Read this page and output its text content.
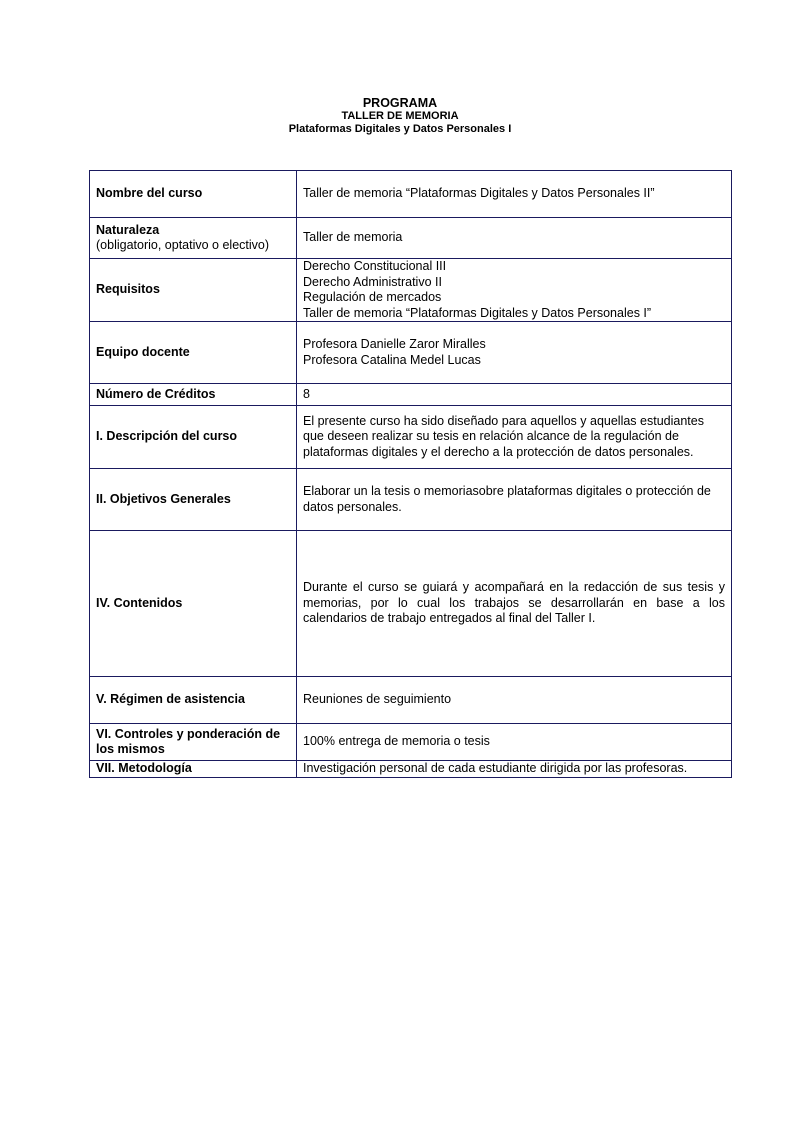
PROGRAMA
TALLER DE MEMORIA
Plataformas Digitales y Datos Personales I
Nombre del curso	Taller de memoria “Plataformas Digitales y Datos Personales II”
Naturaleza
(obligatorio, optativo o electivo)	Taller de memoria
Requisitos	Derecho Constitucional III
Derecho Administrativo II
Regulación de mercados
Taller de memoria “Plataformas Digitales y Datos Personales I”

Equipo docente	Profesora Danielle Zaror Miralles
Profesora Catalina Medel Lucas

Número de Créditos	8
I. Descripción del curso	El presente curso ha sido diseñado para aquellos y aquellas estudiantes que deseen realizar su tesis en relación alcance de la regulación de plataformas digitales y el derecho a la protección de datos personales.
II. Objetivos Generales	Elaborar un la tesis o memoriasobre plataformas digitales o protección de datos personales.
IV. Contenidos	Durante el curso se guiará y acompañará en la redacción de sus tesis y memorias, por lo cual los trabajos se desarrollarán en base a los calendarios de trabajo entregados al final del Taller I.
V. Régimen de asistencia	Reuniones de seguimiento
VI. Controles y ponderación de los mismos	100% entrega de memoria o tesis
VII. Metodología	Investigación personal de cada estudiante dirigida por las profesoras.
